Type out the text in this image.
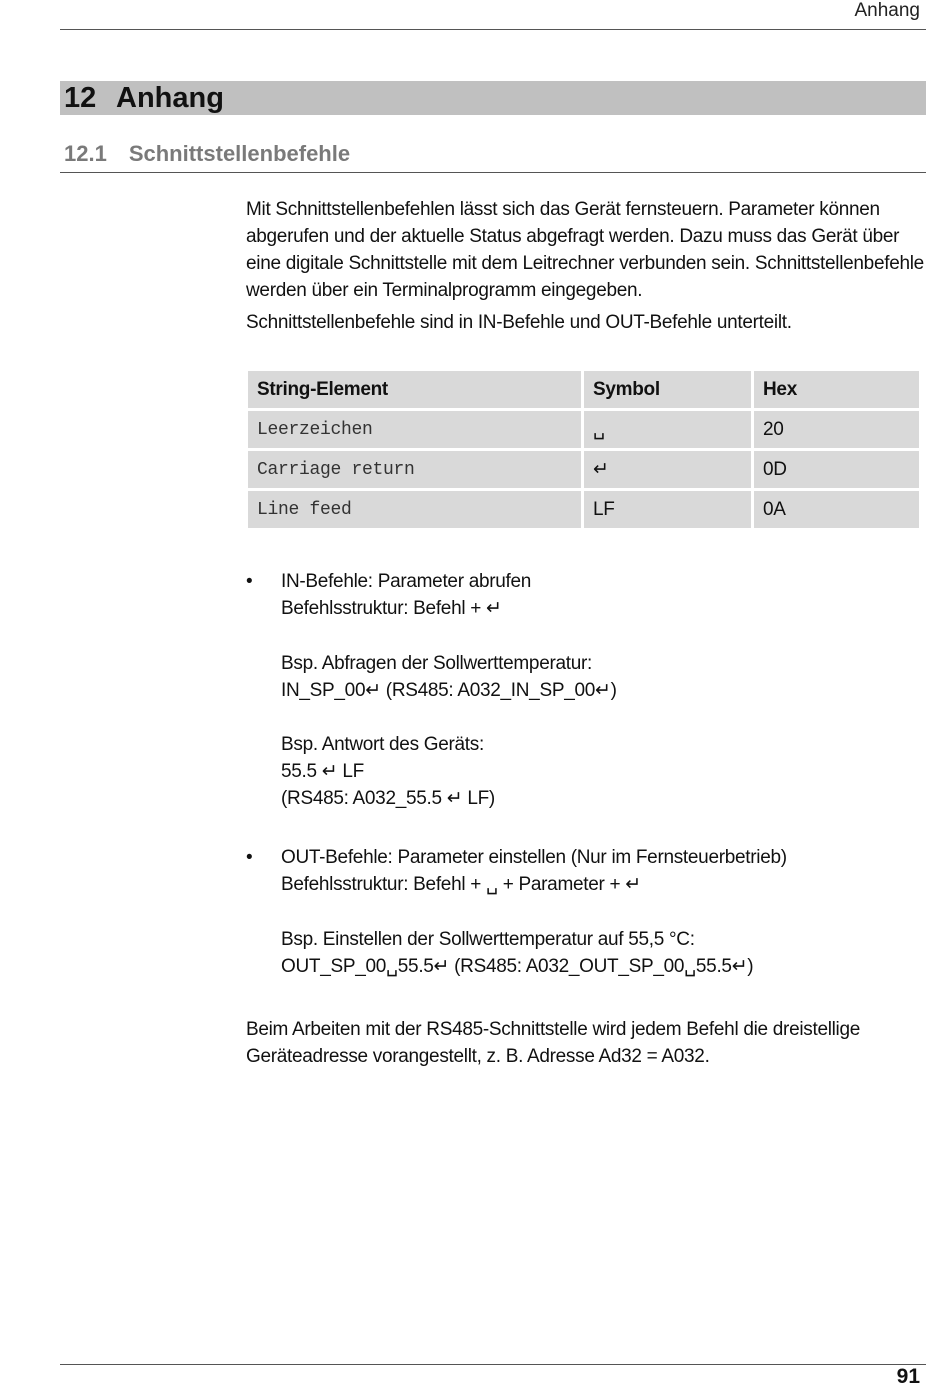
Anhang
12 Anhang
12.1 Schnittstellenbefehle
Mit Schnittstellenbefehlen lässt sich das Gerät fernsteuern. Parameter können abgerufen und der aktuelle Status abgefragt werden. Dazu muss das Gerät über eine digitale Schnittstelle mit dem Leitrechner verbunden sein. Schnittstellenbefehle werden über ein Terminalprogramm eingegeben.
Schnittstellenbefehle sind in IN-Befehle und OUT-Befehle unterteilt.
String-Element	Symbol	Hex
Leerzeichen	␣	20
Carriage return	↵	0D
Line feed	LF	0A
• IN-Befehle: Parameter abrufen
Befehlsstruktur: Befehl + ↵
Bsp. Abfragen der Sollwerttemperatur:
IN_SP_00↵ (RS485: A032_IN_SP_00↵)
Bsp. Antwort des Geräts:
55.5 ↵ LF
(RS485: A032_55.5 ↵ LF)
• OUT-Befehle: Parameter einstellen (Nur im Fernsteuerbetrieb)
Befehlsstruktur: Befehl + ␣ + Parameter + ↵
Bsp. Einstellen der Sollwerttemperatur auf 55,5 °C:
OUT_SP_00␣55.5↵ (RS485: A032_OUT_SP_00␣55.5↵)
Beim Arbeiten mit der RS485-Schnittstelle wird jedem Befehl die dreistellige Geräteadresse vorangestellt, z. B. Adresse Ad32 = A032.
91
